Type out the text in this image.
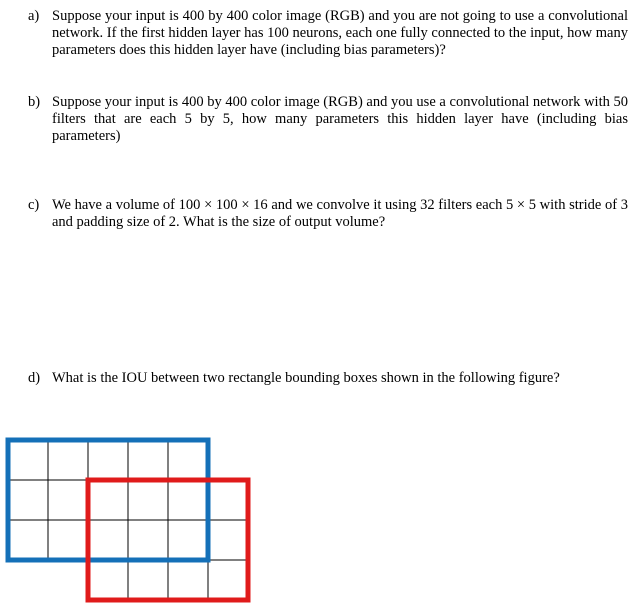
a) Suppose your input is 400 by 400 color image (RGB) and you are not going to use a convolutional network. If the first hidden layer has 100 neurons, each one fully connected to the input, how many parameters does this hidden layer have (including bias parameters)?
b) Suppose your input is 400 by 400 color image (RGB) and you use a convolutional network with 50 filters that are each 5 by 5, how many parameters this hidden layer have (including bias parameters)
c) We have a volume of 100 × 100 × 16 and we convolve it using 32 filters each 5 × 5 with stride of 3 and padding size of 2. What is the size of output volume?
d) What is the IOU between two rectangle bounding boxes shown in the following figure?
